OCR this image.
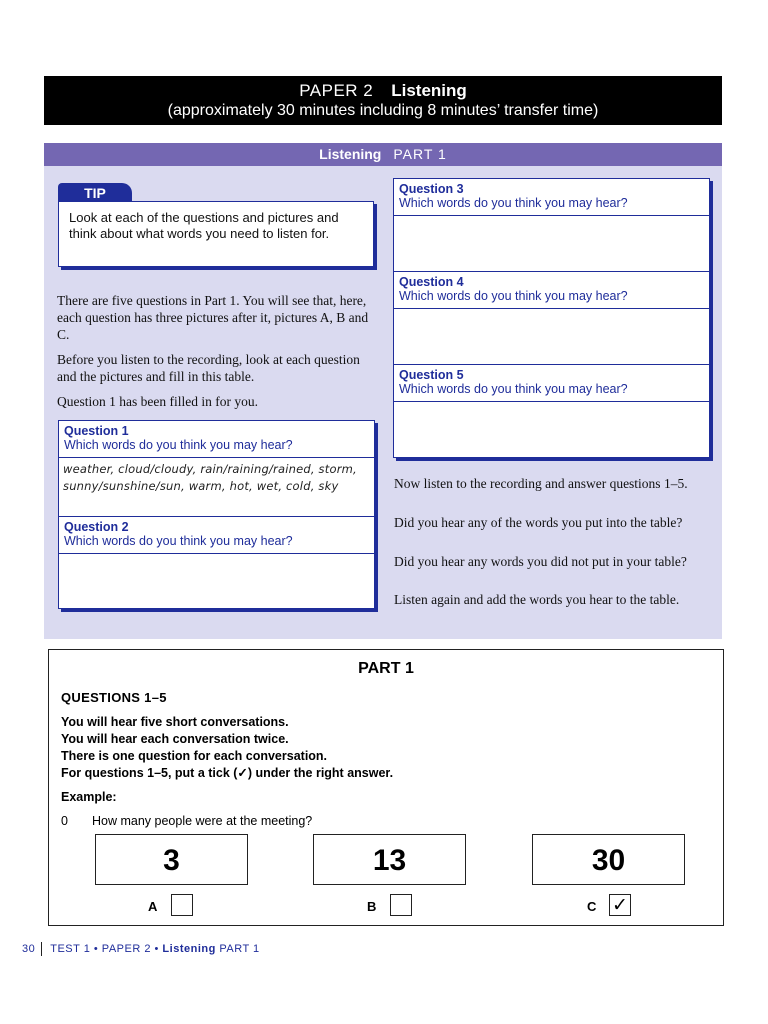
PAPER 2 Listening
(approximately 30 minutes including 8 minutes’ transfer time)
Listening PART 1
TIP
Look at each of the questions and pictures and think about what words you need to listen for.
There are five questions in Part 1. You will see that, here, each question has three pictures after it, pictures A, B and C.
Before you listen to the recording, look at each question and the pictures and fill in this table.
Question 1 has been filled in for you.
Question 1
Which words do you think you may hear?
weather, cloud/cloudy, rain/raining/rained, storm, sunny/sunshine/sun, warm, hot, wet, cold, sky
Question 2
Which words do you think you may hear?
Question 3
Which words do you think you may hear?
Question 4
Which words do you think you may hear?
Question 5
Which words do you think you may hear?
Now listen to the recording and answer questions 1–5.
Did you hear any of the words you put into the table?
Did you hear any words you did not put in your table?
Listen again and add the words you hear to the table.
PART 1
QUESTIONS 1–5
You will hear five short conversations.
You will hear each conversation twice.
There is one question for each conversation.
For questions 1–5, put a tick (✓) under the right answer.
Example:
0 How many people were at the meeting?
3	13	30
A	B	C ✓
30 TEST 1 • PAPER 2 • Listening PART 1
